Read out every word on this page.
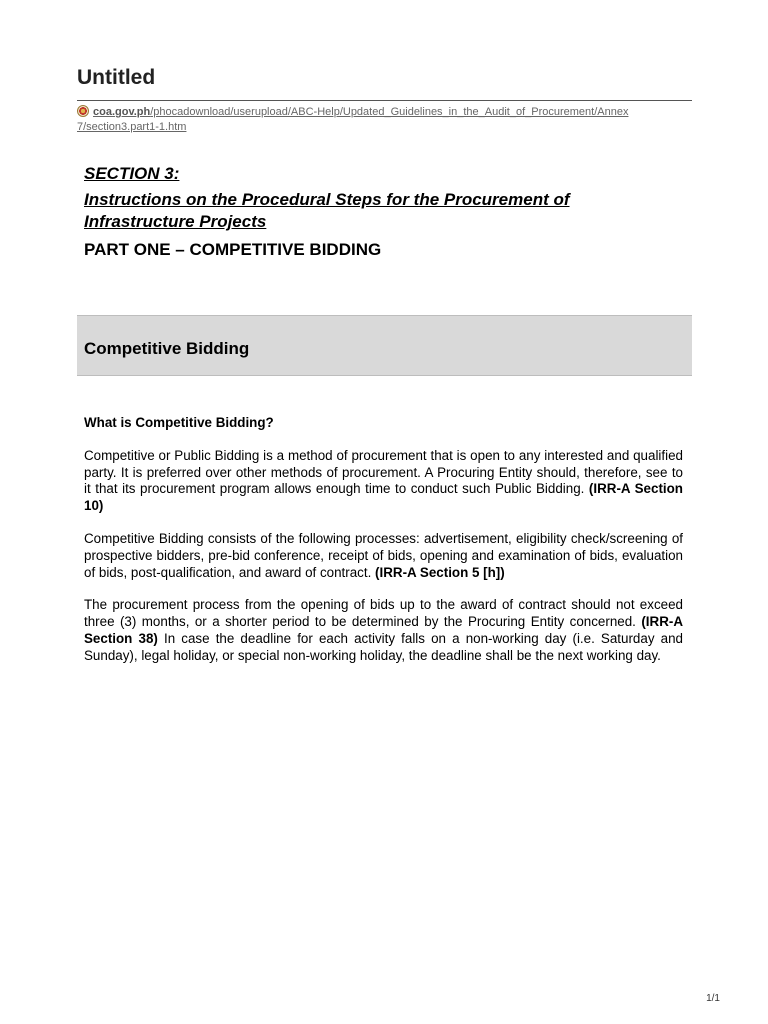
Untitled
coa.gov.ph/phocadownload/userupload/ABC-Help/Updated_Guidelines_in_the_Audit_of_Procurement/Annex 7/section3.part1-1.htm
SECTION 3:
Instructions on the Procedural Steps for the Procurement of Infrastructure Projects
PART ONE – COMPETITIVE BIDDING
Competitive Bidding
What is Competitive Bidding?

Competitive or Public Bidding is a method of procurement that is open to any interested and qualified party. It is preferred over other methods of procurement. A Procuring Entity should, therefore, see to it that its procurement program allows enough time to conduct such Public Bidding. (IRR-A Section 10)

Competitive Bidding consists of the following processes: advertisement, eligibility check/screening of prospective bidders, pre-bid conference, receipt of bids, opening and examination of bids, evaluation of bids, post-qualification, and award of contract. (IRR-A Section 5 [h])

The procurement process from the opening of bids up to the award of contract should not exceed three (3) months, or a shorter period to be determined by the Procuring Entity concerned. (IRR-A Section 38) In case the deadline for each activity falls on a non-working day (i.e. Saturday and Sunday), legal holiday, or special non-working holiday, the deadline shall be the next working day.

1/1
